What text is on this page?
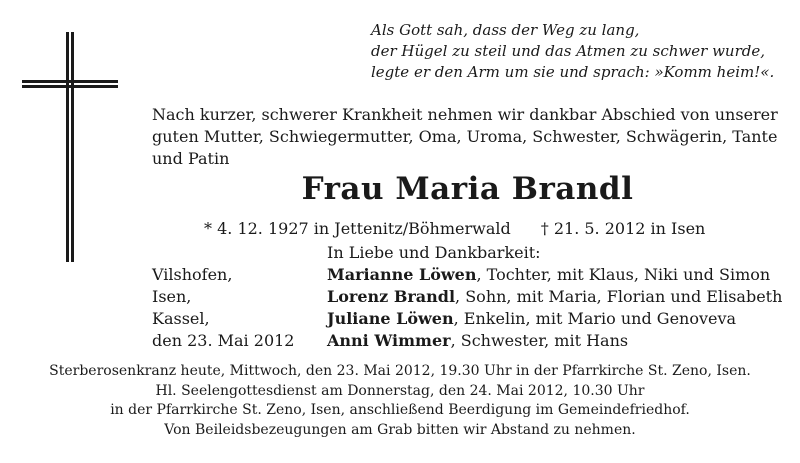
Als Gott sah, dass der Weg zu lang,
der Hügel zu steil und das Atmen zu schwer wurde,
legte er den Arm um sie und sprach: »Komm heim!«.
Nach kurzer, schwerer Krankheit nehmen wir dankbar Abschied von unserer
guten Mutter, Schwiegermutter, Oma, Uroma, Schwester, Schwägerin, Tante
und Patin
Frau Maria Brandl
* 4. 12. 1927 in Jettenitz/Böhmerwald † 21. 5. 2012 in Isen
In Liebe und Dankbarkeit:
Vilshofen,	Marianne Löwen, Tochter, mit Klaus, Niki und Simon
Isen,	Lorenz Brandl, Sohn, mit Maria, Florian und Elisabeth
Kassel,	Juliane Löwen, Enkelin, mit Mario und Genoveva
den 23. Mai 2012	Anni Wimmer, Schwester, mit Hans
Sterberosenkranz heute, Mittwoch, den 23. Mai 2012, 19.30 Uhr in der Pfarrkirche St. Zeno, Isen.
Hl. Seelengottesdienst am Donnerstag, den 24. Mai 2012, 10.30 Uhr
in der Pfarrkirche St. Zeno, Isen, anschließend Beerdigung im Gemeindefriedhof.
Von Beileidsbezeugungen am Grab bitten wir Abstand zu nehmen.
